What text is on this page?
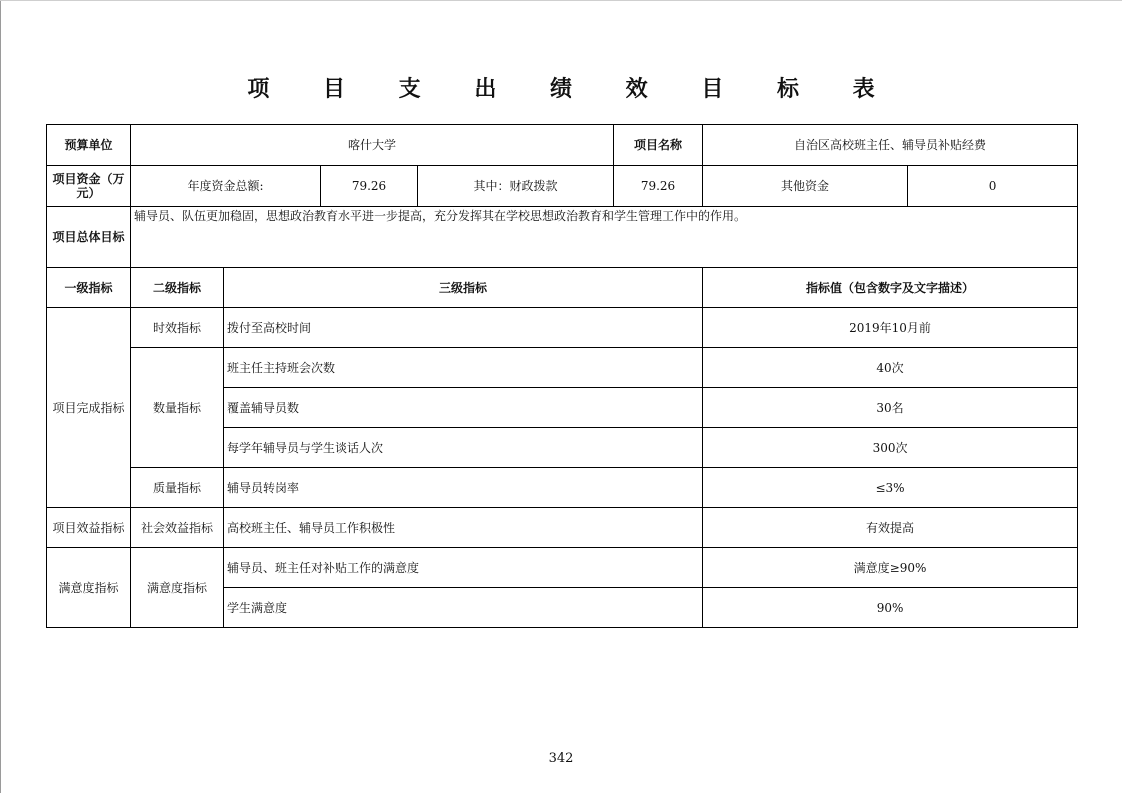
项 目 支 出 绩 效 目 标 表
预算单位	喀什大学				项目名称	自治区高校班主任、辅导员补贴经费	
项目资金（万元）	年度资金总额:		79.26	其中：财政拨款	79.26	其他资金	0
项目总体目标	辅导员、队伍更加稳固，思想政治教育水平进一步提高，充分发挥其在学校思想政治教育和学生管理工作中的作用。						
一级指标	二级指标	三级指标				指标值（包含数字及文字描述）	
项目完成指标	时效指标	拨付至高校时间				2019年10月前	
	数量指标	班主任主持班会次数				40次	
		覆盖辅导员数				30名	
		每学年辅导员与学生谈话人次				300次	
	质量指标	辅导员转岗率				≤3%	
项目效益指标	社会效益指标	高校班主任、辅导员工作积极性				有效提高	
满意度指标	满意度指标	辅导员、班主任对补贴工作的满意度				满意度≥90%	
		学生满意度				90%	
342
